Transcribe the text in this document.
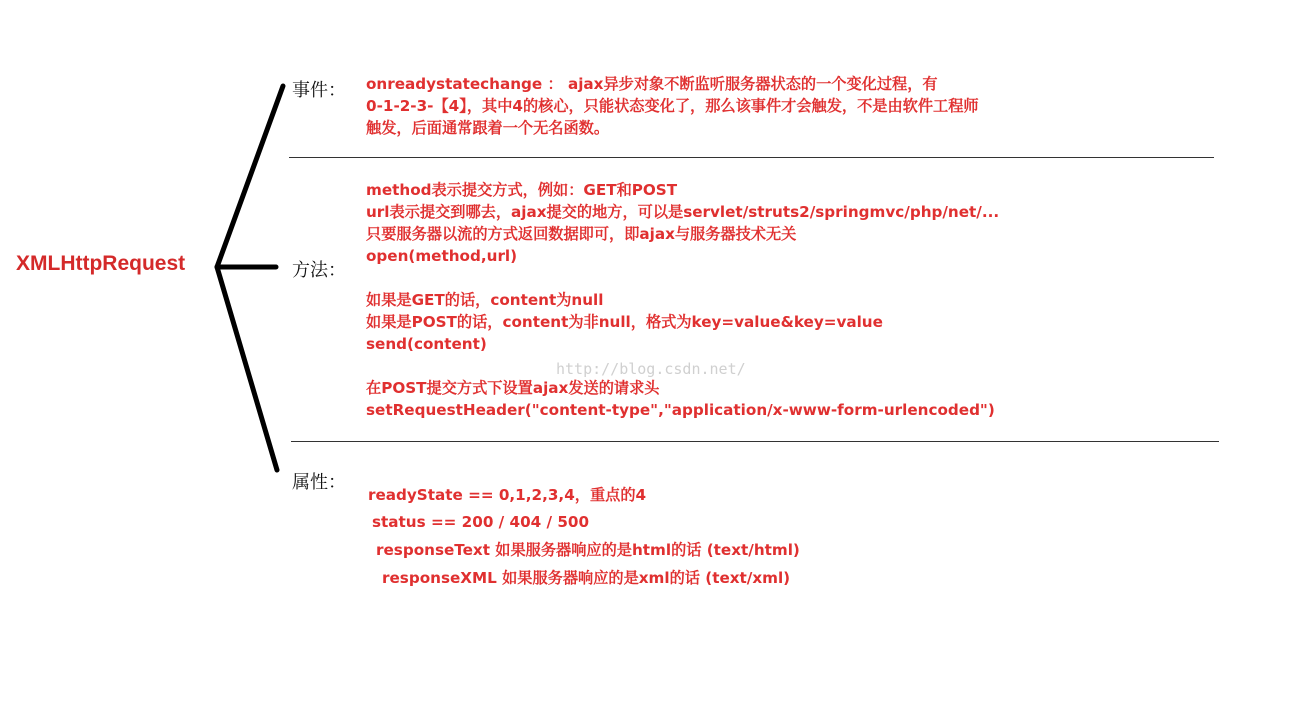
XMLHttpRequest
事件：
方法：
属性：
onreadystatechange ： ajax异步对象不断监听服务器状态的一个变化过程，有
0-1-2-3-【4】，其中4的核心，只能状态变化了，那么该事件才会触发，不是由软件工程师
触发，后面通常跟着一个无名函数。
method表示提交方式，例如：GET和POST
url表示提交到哪去，ajax提交的地方，可以是servlet/struts2/springmvc/php/net/...
只要服务器以流的方式返回数据即可，即ajax与服务器技术无关
open(method,url)
如果是GET的话，content为null
如果是POST的话，content为非null，格式为key=value&key=value
send(content)
在POST提交方式下设置ajax发送的请求头
setRequestHeader("content-type","application/x-www-form-urlencoded")
readyState == 0,1,2,3,4，重点的4
status == 200 / 404 / 500
responseText 如果服务器响应的是html的话 (text/html)
responseXML 如果服务器响应的是xml的话 (text/xml)
http://blog.csdn.net/
